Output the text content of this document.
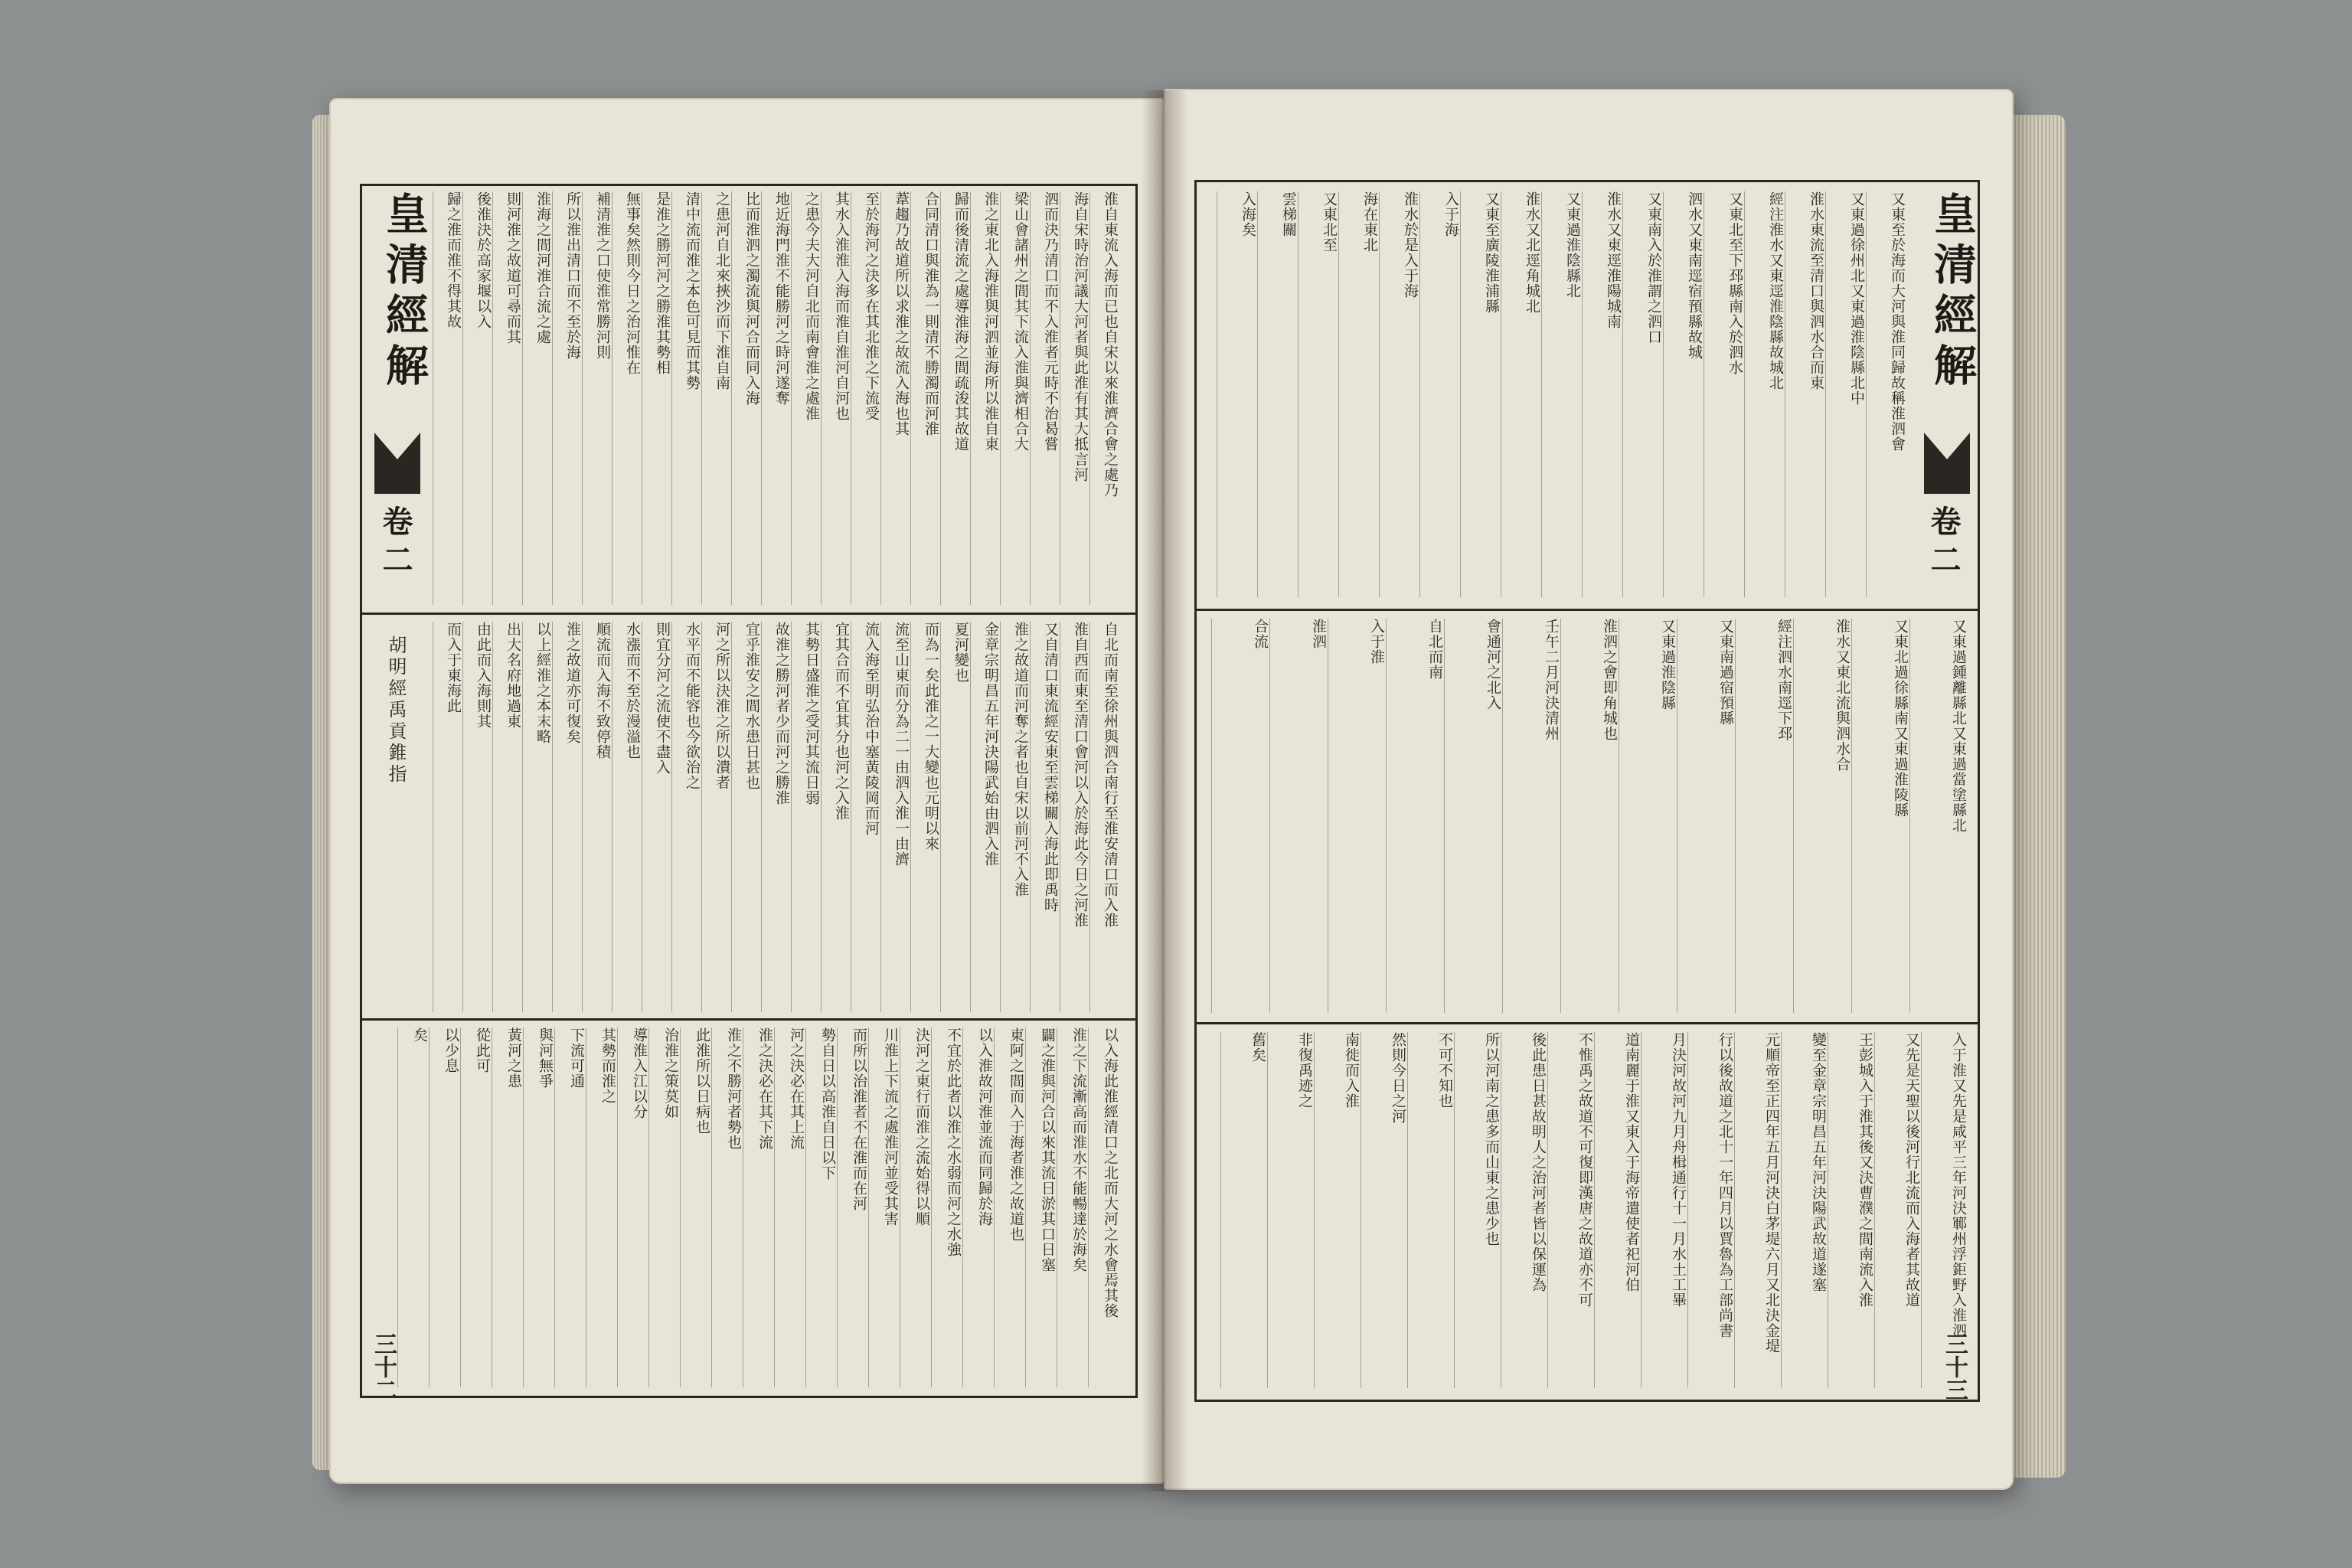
皇清經解
卷二
淮自東流入海而已也自宋以來淮濟合會之處乃
海自宋時治河議大河者與此淮有其大抵言河
泗而決乃清口而不入淮者元時不治曷嘗
梁山會諸州之間其下流入淮與濟相合大
淮之東北入海淮與河泗並海所以淮自東
歸而後清流之處導淮海之間疏浚其故道
合同清口與淮為一則清不勝濁而河淮
葦趨乃故道所以求淮之故流入海也其
至於海河之決多在其北淮之下流受
其水入淮淮入海而淮自淮河自河也
之患今夫大河自北而南會淮之處淮
地近海門淮不能勝河之時河遂奪
比而淮泗之濁流與河合而同入海
之患河自北來挾沙而下淮自南
清中流而淮之本色可見而其勢
是淮之勝河河之勝淮其勢相
無事矣然則今日之治河惟在
補清淮之口使淮常勝河則
所以淮出清口而不至於海
淮海之間河淮合流之處
則河淮之故道可尋而其
後淮決於高家堰以入
歸之淮而淮不得其故
自北而南至徐州與泗合南行至淮安清口而入淮
淮自西而東至清口會河以入於海此今日之河淮
又自清口東流經安東至雲梯關入海此即禹時
淮之故道而河奪之者也自宋以前河不入淮
金章宗明昌五年河決陽武始由泗入淮
夏河變也
而為一矣此淮之一大變也元明以來
流至山東而分為二一由泗入淮一由濟
流入海至明弘治中塞黃陵岡而河
宜其合而不宜其分也河之入淮
其勢日盛淮之受河其流日弱
故淮之勝河者少而河之勝淮
宜乎淮安之間水患日甚也
河之所以決淮之所以潰者
水平而不能容也今欲治之
則宜分河之流使不盡入
水漲而不至於漫溢也
順流而入海不致停積
淮之故道亦可復矣
以上經淮之本末略
出大名府地過東
由此而入海則其
而入于東海此
以入海此淮經清口之北而大河之水會焉其後
淮之下流漸高而淮水不能暢達於海矣
闢之淮與河合以來其流日淤其口日塞
東阿之間而入于海者淮之故道也
以入淮故河淮並流而同歸於海
不宜於此者以淮之水弱而河之水強
決河之東行而淮之流始得以順
川淮上下流之處淮河並受其害
而所以治淮者不在淮而在河
勢自日以高淮自日以下
河之決必在其上流
淮之決必在其下流
淮之不勝河者勢也
此淮所以日病也
治淮之策莫如
導淮入江以分
其勢而淮之
下流可通
與河無爭
黃河之患
從此可
以少息
矣
胡明經禹貢錐指
三十二
皇清經解
卷二
又東至於海而大河與淮同歸故稱淮泗會
又東過徐州北又東過淮陰縣北中
淮水東流至清口與泗水合而東
經注淮水又東逕淮陰縣故城北
又東北至下邳縣南入於泗水
泗水又東南逕宿預縣故城
又東南入於淮謂之泗口
淮水又東逕淮陽城南
又東過淮陰縣北
淮水又北逕角城北
又東至廣陵淮浦縣
入于海
淮水於是入于海
海在東北
又東北至
雲梯關
入海矣
又東過鍾離縣北又東過當塗縣北
又東北過徐縣南又東過淮陵縣
淮水又東北流與泗水合
經注泗水南逕下邳
又東南過宿預縣
又東過淮陰縣
淮泗之會即角城也
壬午二月河決清州
會通河之北入
自北而南
入于淮
淮泗
合流
入于淮又先是咸平三年河決鄆州浮鉅野入淮泗
又先是天聖以後河行北流而入海者其故道
王彭城入于淮其後又決曹濮之間南流入淮
變至金章宗明昌五年河決陽武故道遂塞
元順帝至正四年五月河決白茅堤六月又北決金堤
行以後故道之北十一年四月以賈魯為工部尚書
月決河故河九月舟楫通行十一月水土工畢
道南麗于淮又東入于海帝遣使者祀河伯
不惟禹之故道不可復即漢唐之故道亦不可
後此患日甚故明人之治河者皆以保運為
所以河南之患多而山東之患少也
不可不知也
然則今日之河
南徙而入淮
非復禹迹之
舊矣
三十三
